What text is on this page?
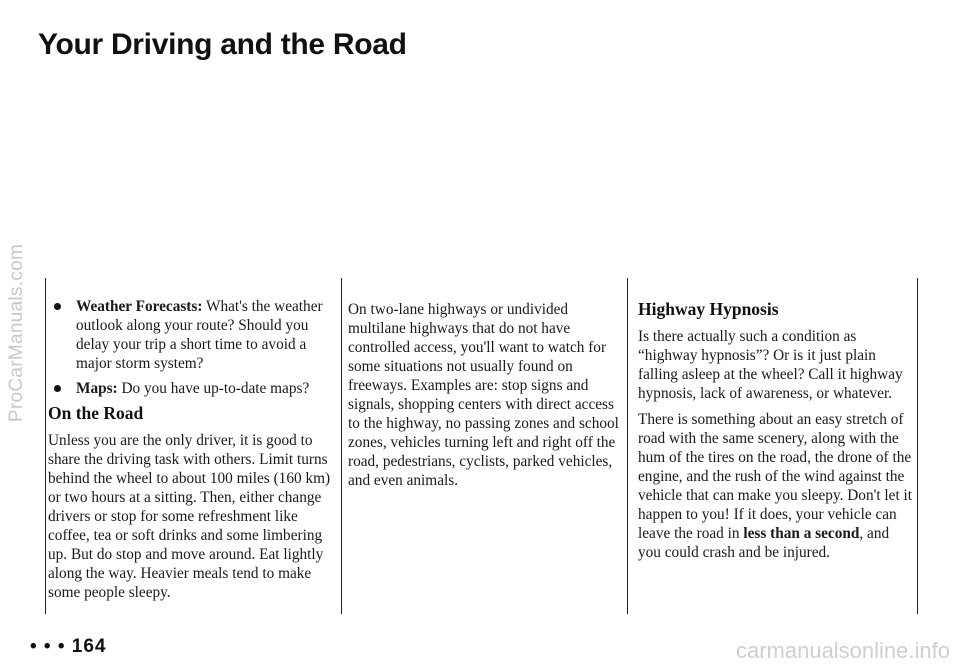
ProCarManuals.com
Your Driving and the Road
Weather Forecasts: What's the weather outlook along your route? Should you delay your trip a short time to avoid a major storm system?
Maps: Do you have up-to-date maps?
On the Road

Unless you are the only driver, it is good to share the driving task with others. Limit turns behind the wheel to about 100 miles (160 km) or two hours at a sitting. Then, either change drivers or stop for some refreshment like coffee, tea or soft drinks and some limbering up. But do stop and move around. Eat lightly along the way. Heavier meals tend to make some people sleepy.

On two-lane highways or undivided multilane highways that do not have controlled access, you'll want to watch for some situations not usually found on freeways. Examples are: stop signs and signals, shopping centers with direct access to the highway, no passing zones and school zones, vehicles turning left and right off the road, pedestrians, cyclists, parked vehicles, and even animals.

Highway Hypnosis

Is there actually such a condition as “highway hypnosis”? Or is it just plain falling asleep at the wheel? Call it highway hypnosis, lack of awareness, or whatever.

There is something about an easy stretch of road with the same scenery, along with the hum of the tires on the road, the drone of the engine, and the rush of the wind against the vehicle that can make you sleepy. Don't let it happen to you! If it does, your vehicle can leave the road in less than a second, and you could crash and be injured.

• • • 164	carmanualsonline.info
